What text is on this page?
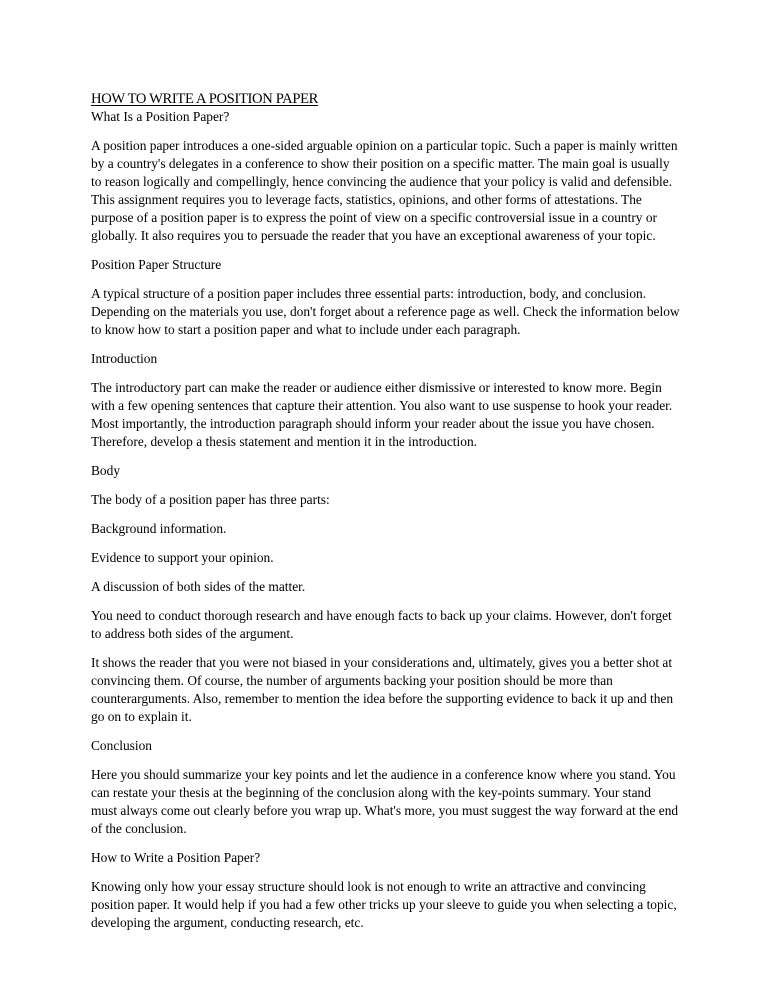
HOW TO WRITE A POSITION PAPER

What Is a Position Paper?

A position paper introduces a one-sided arguable opinion on a particular topic. Such a paper is mainly written by a country's delegates in a conference to show their position on a specific matter. The main goal is usually to reason logically and compellingly, hence convincing the audience that your policy is valid and defensible. This assignment requires you to leverage facts, statistics, opinions, and other forms of attestations. The purpose of a position paper is to express the point of view on a specific controversial issue in a country or globally. It also requires you to persuade the reader that you have an exceptional awareness of your topic.

Position Paper Structure

A typical structure of a position paper includes three essential parts: introduction, body, and conclusion. Depending on the materials you use, don't forget about a reference page as well. Check the information below to know how to start a position paper and what to include under each paragraph.

Introduction

The introductory part can make the reader or audience either dismissive or interested to know more. Begin with a few opening sentences that capture their attention. You also want to use suspense to hook your reader. Most importantly, the introduction paragraph should inform your reader about the issue you have chosen. Therefore, develop a thesis statement and mention it in the introduction.

Body

The body of a position paper has three parts:

Background information.

Evidence to support your opinion.

A discussion of both sides of the matter.

You need to conduct thorough research and have enough facts to back up your claims. However, don't forget to address both sides of the argument.

It shows the reader that you were not biased in your considerations and, ultimately, gives you a better shot at convincing them. Of course, the number of arguments backing your position should be more than counterarguments. Also, remember to mention the idea before the supporting evidence to back it up and then go on to explain it.

Conclusion

Here you should summarize your key points and let the audience in a conference know where you stand. You can restate your thesis at the beginning of the conclusion along with the key-points summary. Your stand must always come out clearly before you wrap up. What's more, you must suggest the way forward at the end of the conclusion.

How to Write a Position Paper?

Knowing only how your essay structure should look is not enough to write an attractive and convincing position paper. It would help if you had a few other tricks up your sleeve to guide you when selecting a topic, developing the argument, conducting research, etc.
